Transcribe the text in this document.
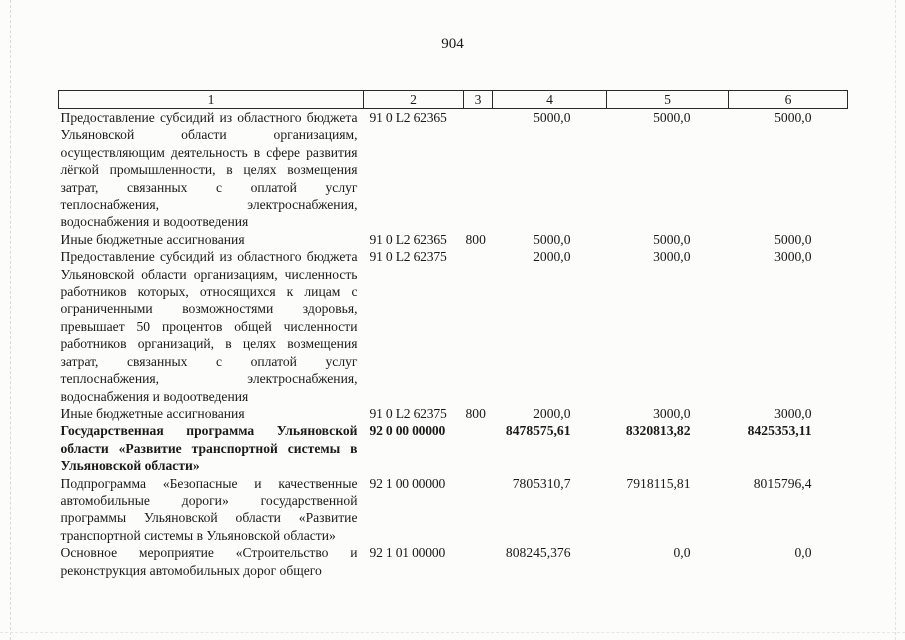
904
1	2	3	4	5	6
Предоставление субсидий из областного бюджета Ульяновской области организациям, осуществляющим деятельность в сфере развития лёгкой промышленности, в целях возмещения затрат, связанных с оплатой услуг теплоснабжения, электроснабжения, водоснабжения и водоотведения	91 0 L2 62365		5000,0	5000,0	5000,0
Иные бюджетные ассигнования	91 0 L2 62365	800	5000,0	5000,0	5000,0
Предоставление субсидий из областного бюджета Ульяновской области организациям, численность работников которых, относящихся к лицам с ограниченными возможностями здоровья, превышает 50 процентов общей численности работников организаций, в целях возмещения затрат, связанных с оплатой услуг теплоснабжения, электроснабжения, водоснабжения и водоотведения	91 0 L2 62375		2000,0	3000,0	3000,0
Иные бюджетные ассигнования	91 0 L2 62375	800	2000,0	3000,0	3000,0
Государственная программа Ульяновской области «Развитие транспортной системы в Ульяновской области»	92 0 00 00000		8478575,61	8320813,82	8425353,11
Подпрограмма «Безопасные и качественные автомобильные дороги» государственной программы Ульяновской области «Развитие транспортной системы в Ульяновской области»	92 1 00 00000		7805310,7	7918115,81	8015796,4
Основное мероприятие «Строительство и реконструкция автомобильных дорог общего	92 1 01 00000		808245,376	0,0	0,0
